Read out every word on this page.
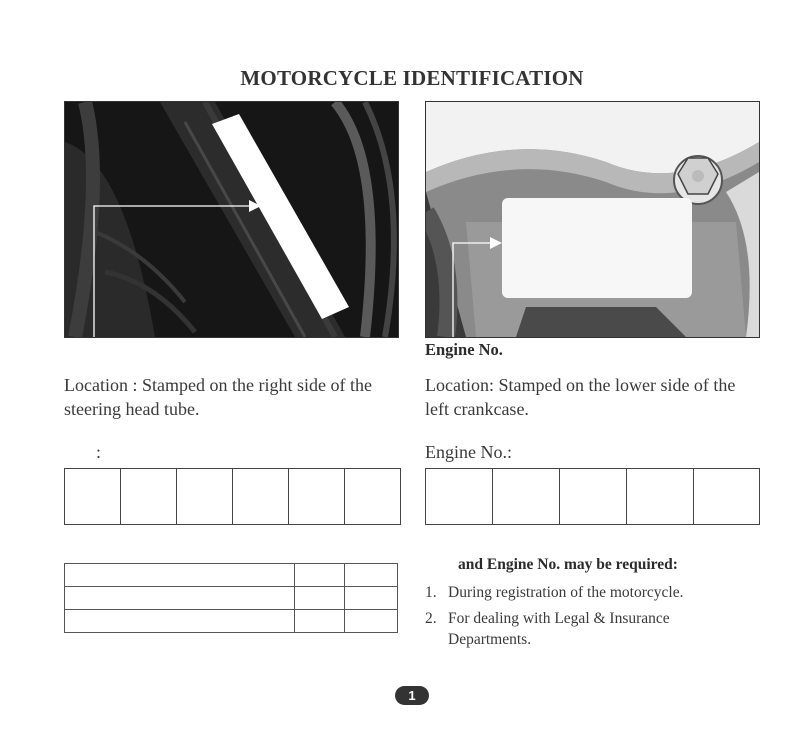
MOTORCYCLE IDENTIFICATION
Engine No.
Location : Stamped on the right side of the steering head tube.
Location: Stamped on the lower side of the left crankcase.
:	Engine No.:

and Engine No. may be required:
1. During registration of the motorcycle.
2. For dealing with Legal & Insurance Departments.
1
